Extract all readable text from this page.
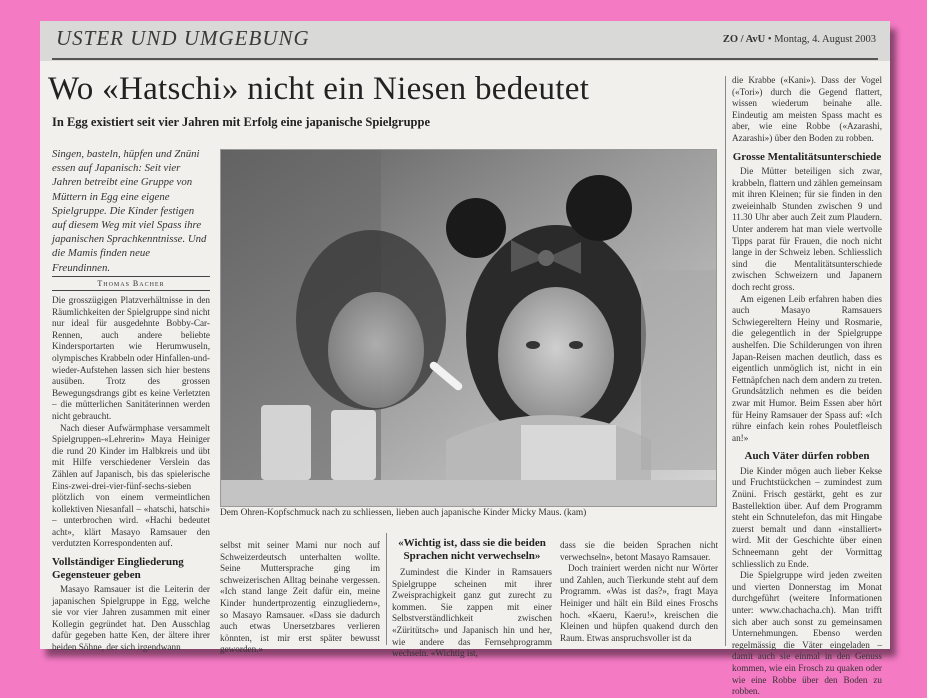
USTER UND UMGEBUNG	ZO / AvU • Montag, 4. August 2003
Wo «Hatschi» nicht ein Niesen bedeutet
In Egg existiert seit vier Jahren mit Erfolg eine japanische Spielgruppe
Singen, basteln, hüpfen und Znüni essen auf Japanisch: Seit vier Jahren betreibt eine Gruppe von Müttern in Egg eine eigene Spielgruppe. Die Kinder festigen auf diesem Weg mit viel Spass ihre japanischen Sprachkenntnisse. Und die Mamis finden neue Freundinnen.
Thomas Bacher

Die grosszügigen Platzverhältnisse in den Räumlichkeiten der Spielgruppe sind nicht nur ideal für ausgedehnte Bobby-Car-Rennen, auch andere beliebte Kindersportarten wie Herumwuseln, olympisches Krabbeln oder Hinfallen-und-wieder-Aufstehen lassen sich hier bestens ausüben. Trotz des grossen Bewegungsdrangs gibt es keine Verletzten – die mütterlichen Sanitäterinnen werden nicht gebraucht.

Nach dieser Aufwärmphase versammelt Spielgruppen-«Lehrerin» Maya Heiniger die rund 20 Kinder im Halbkreis und übt mit Hilfe verschiedener Verslein das Zählen auf Japanisch, bis das spielerische Eins-zwei-drei-vier-fünf-sechs-sieben plötzlich von einem vermeintlichen kollektiven Niesanfall – «hatschi, hatschi» – unterbrochen wird. «Hachi bedeutet acht», klärt Masayo Ramsauer den verdutzten Korrespondenten auf.

Vollständiger Eingliederung Gegensteuer geben

Masayo Ramsauer ist die Leiterin der japanischen Spielgruppe in Egg, welche sie vor vier Jahren zusammen mit einer Kollegin gegründet hat. Den Ausschlag dafür gegeben hatte Ken, der ältere ihrer beiden Söhne, der sich irgendwann

Dem Ohren-Kopfschmuck nach zu schliessen, lieben auch japanische Kinder Micky Maus. (kam)

selbst mit seiner Mami nur noch auf Schweizerdeutsch unterhalten wollte. Seine Muttersprache ging im schweizerischen Alltag beinahe vergessen. «Ich stand lange Zeit dafür ein, meine Kinder hundertprozentig einzugliedern», so Masayo Ramsauer. «Dass sie dadurch auch etwas Unersetzbares verlieren könnten, ist mir erst später bewusst geworden.»

«Wichtig ist, dass sie die beiden Sprachen nicht verwechseln»

Zumindest die Kinder in Ramsauers Spielgruppe scheinen mit ihrer Zweisprachigkeit ganz gut zurecht zu kommen. Sie zappen mit einer Selbstverständlichkeit zwischen «Züritütsch» und Japanisch hin und her, wie andere das Fernsehprogramm wechseln. «Wichtig ist,

dass sie die beiden Sprachen nicht verwechseln», betont Masayo Ramsauer.

Doch trainiert werden nicht nur Wörter und Zahlen, auch Tierkunde steht auf dem Programm. «Was ist das?», fragt Maya Heiniger und hält ein Bild eines Froschs hoch. «Kaeru, Kaeru!», kreischen die Kleinen und hüpfen quakend durch den Raum. Etwas anspruchsvoller ist da

die Krabbe («Kani»). Dass der Vogel («Tori») durch die Gegend flattert, wissen wiederum beinahe alle. Eindeutig am meisten Spass macht es aber, wie eine Robbe («Azarashi, Azarashi») über den Boden zu robben.

Grosse Mentalitätsunterschiede

Die Mütter beteiligen sich zwar, krabbeln, flattern und zählen gemeinsam mit ihren Kleinen; für sie finden in den zweieinhalb Stunden zwischen 9 und 11.30 Uhr aber auch Zeit zum Plaudern. Unter anderem hat man viele wertvolle Tipps parat für Frauen, die noch nicht lange in der Schweiz leben. Schliesslich sind die Mentalitätsunterschiede zwischen Schweizern und Japanern doch recht gross.

Am eigenen Leib erfahren haben dies auch Masayo Ramsauers Schwiegereltern Heiny und Rosmarie, die gelegentlich in der Spielgruppe aushelfen. Die Schilderungen von ihren Japan-Reisen machen deutlich, dass es eigentlich unmöglich ist, nicht in ein Fettnäpfchen nach dem andern zu treten. Grundsätzlich nehmen es die beiden zwar mit Humor. Beim Essen aber hört für Heiny Ramsauer der Spass auf: «Ich rühre einfach kein rohes Pouletfleisch an!»

Auch Väter dürfen robben

Die Kinder mögen auch lieber Kekse und Fruchtstückchen – zumindest zum Znüni. Frisch gestärkt, geht es zur Bastellektion über. Auf dem Programm steht ein Schnutelefon, das mit Hingabe zuerst bemalt und dann «installiert» wird. Mit der Geschichte über einen Schneemann geht der Vormittag schliesslich zu Ende.

Die Spielgruppe wird jeden zweiten und vierten Donnerstag im Monat durchgeführt (weitere Informationen unter: www.chachacha.ch). Man trifft sich aber auch sonst zu gemeinsamen Unternehmungen. Ebenso werden regelmässig die Väter eingeladen – damit auch sie einmal in den Genuss kommen, wie ein Frosch zu quaken oder wie eine Robbe über den Boden zu robben.
